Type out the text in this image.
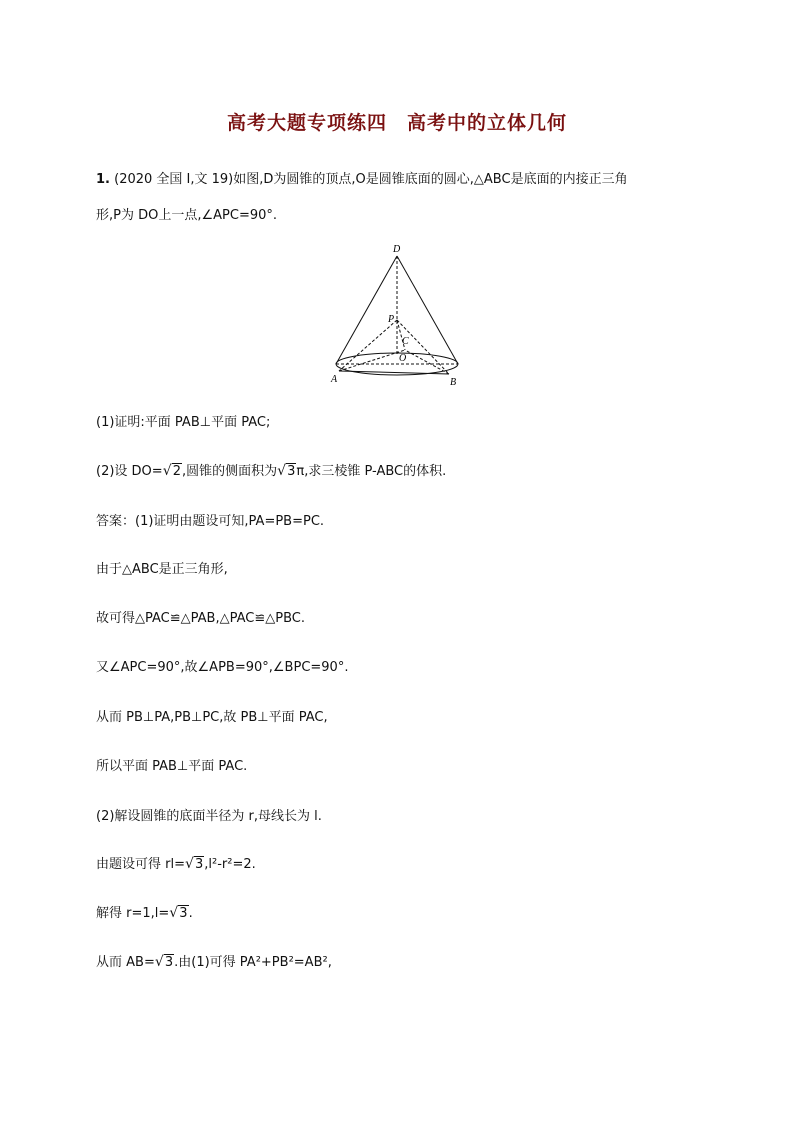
高考大题专项练四　高考中的立体几何
1. (2020 全国 Ⅰ,文 19)如图,D为圆锥的顶点,O是圆锥底面的圆心,△ABC是底面的内接正三角
形,P为 DO上一点,∠APC=90°.
D
P
C
O
A	B
(1)证明:平面 PAB⊥平面 PAC;
(2)设 DO= √ 2,圆锥的侧面积为 √ 3π,求三棱锥 P-ABC的体积.
答案：(1)证明由题设可知,PA=PB=PC.
由于△ABC是正三角形,
故可得△PAC≌△PAB,△PAC≌△PBC.
又∠APC=90°,故∠APB=90°,∠BPC=90°.
从而 PB⊥PA,PB⊥PC,故 PB⊥平面 PAC,
所以平面 PAB⊥平面 PAC.
(2)解设圆锥的底面半径为 r,母线长为 l.
由题设可得 rl= √ 3,l²-r²=2.
解得 r=1,l= √ 3.
从而 AB= √ 3.由(1)可得 PA²+PB²=AB²,
